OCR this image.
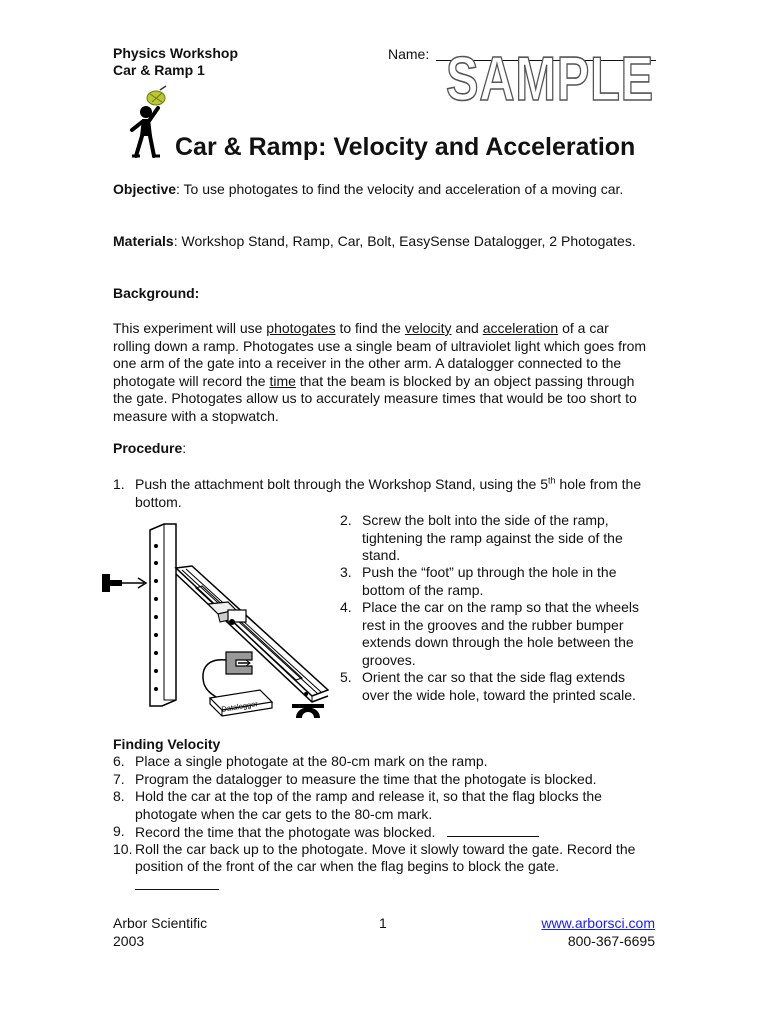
Physics Workshop
Car & Ramp 1
Name: SAMPLE
Car & Ramp: Velocity and Acceleration
Objective: To use photogates to find the velocity and acceleration of a moving car.
Materials: Workshop Stand, Ramp, Car, Bolt, EasySense Datalogger, 2 Photogates.
Background:
This experiment will use photogates to find the velocity and acceleration of a car rolling down a ramp. Photogates use a single beam of ultraviolet light which goes from one arm of the gate into a receiver in the other arm. A datalogger connected to the photogate will record the time that the beam is blocked by an object passing through the gate. Photogates allow us to accurately measure times that would be too short to measure with a stopwatch.
Procedure:
1. Push the attachment bolt through the Workshop Stand, using the 5th hole from the bottom.
2. Screw the bolt into the side of the ramp, tightening the ramp against the side of the stand.
3. Push the “foot” up through the hole in the bottom of the ramp.
4. Place the car on the ramp so that the wheels rest in the grooves and the rubber bumper extends down through the hole between the grooves.
5. Orient the car so that the side flag extends over the wide hole, toward the printed scale.
Datalogger
Finding Velocity
6. Place a single photogate at the 80-cm mark on the ramp.
7. Program the datalogger to measure the time that the photogate is blocked.
8. Hold the car at the top of the ramp and release it, so that the flag blocks the photogate when the car gets to the 80-cm mark.
9. Record the time that the photogate was blocked.
10. Roll the car back up to the photogate. Move it slowly toward the gate. Record the position of the front of the car when the flag begins to block the gate.
Arbor Scientific
2003
1	www.arborsci.com
800-367-6695
